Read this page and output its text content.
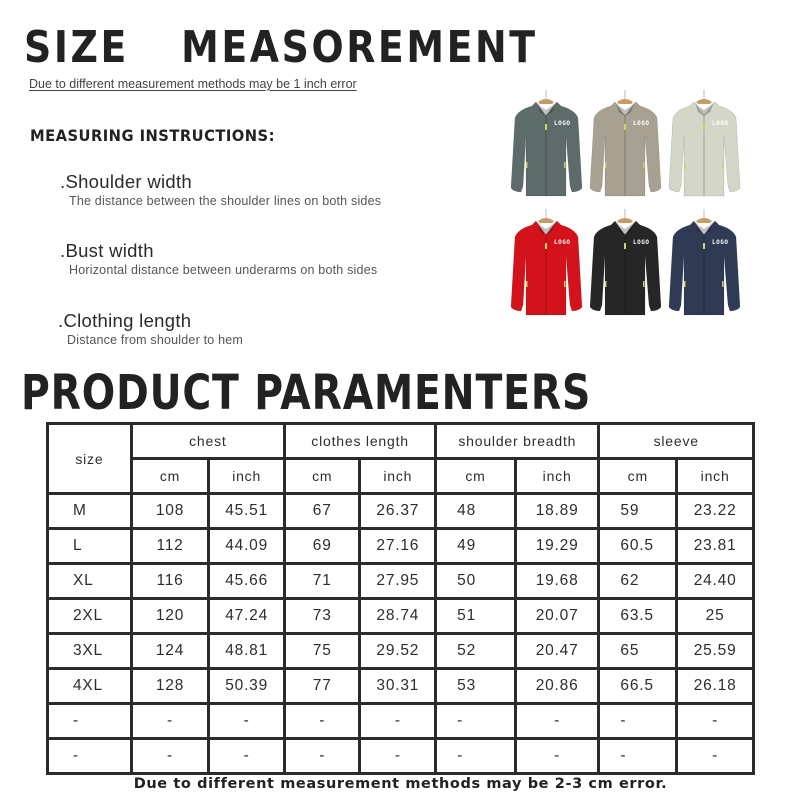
SIZE  MEASOREMENT
Due to different measurement methods may be 1 inch error
MEASURING INSTRUCTIONS:
.Shoulder width
The distance between the shoulder lines on both sides
.Bust width
Horizontal distance between underarms on both sides
.Clothing length
Distance from shoulder to hem
LOGO	LOGO	LOGO
LOGO	LOGO	LOGO
PRODUCT PARAMENTERS
size	chest		clothes length		shoulder breadth		sleeve	
	cm	inch	cm	inch	cm	inch	cm	inch
M	108	45.51	67	26.37	48	18.89	59	23.22
L	112	44.09	69	27.16	49	19.29	60.5	23.81
XL	116	45.66	71	27.95	50	19.68	62	24.40
2XL	120	47.24	73	28.74	51	20.07	63.5	25
3XL	124	48.81	75	29.52	52	20.47	65	25.59
4XL	128	50.39	77	30.31	53	20.86	66.5	26.18
-	-	-	-	-	-	-	-	-
-	-	-	-	-	-	-	-	-
Due to different measurement methods may be 2-3 cm error.
